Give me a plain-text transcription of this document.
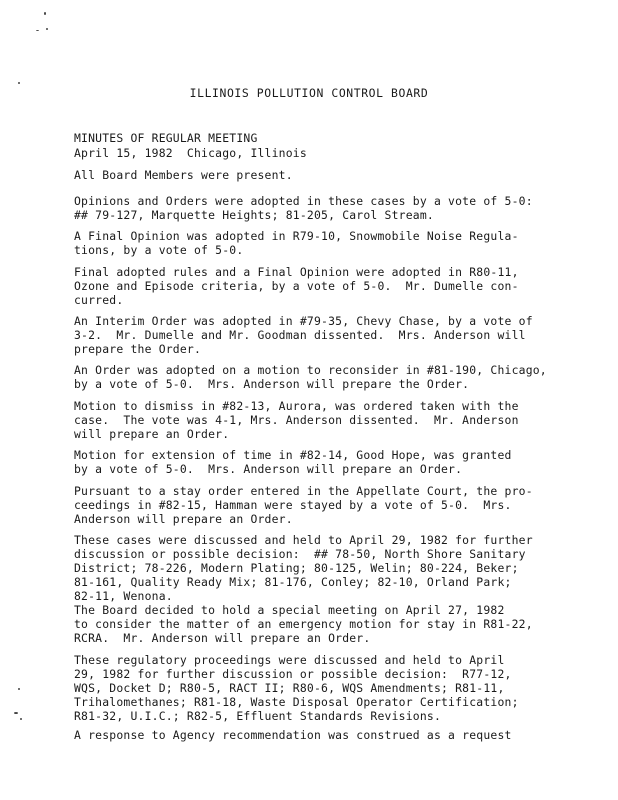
ILLINOIS POLLUTION CONTROL BOARD
MINUTES OF REGULAR MEETING
April 15, 1982  Chicago, Illinois
All Board Members were present.
Opinions and Orders were adopted in these cases by a vote of 5-0:
## 79-127, Marquette Heights; 81-205, Carol Stream.
A Final Opinion was adopted in R79-10, Snowmobile Noise Regula-
tions, by a vote of 5-0.
Final adopted rules and a Final Opinion were adopted in R80-11,
Ozone and Episode criteria, by a vote of 5-0.  Mr. Dumelle con-
curred.
An Interim Order was adopted in #79-35, Chevy Chase, by a vote of
3-2.  Mr. Dumelle and Mr. Goodman dissented.  Mrs. Anderson will
prepare the Order.
An Order was adopted on a motion to reconsider in #81-190, Chicago,
by a vote of 5-0.  Mrs. Anderson will prepare the Order.
Motion to dismiss in #82-13, Aurora, was ordered taken with the
case.  The vote was 4-1, Mrs. Anderson dissented.  Mr. Anderson
will prepare an Order.
Motion for extension of time in #82-14, Good Hope, was granted
by a vote of 5-0.  Mrs. Anderson will prepare an Order.
Pursuant to a stay order entered in the Appellate Court, the pro-
ceedings in #82-15, Hamman were stayed by a vote of 5-0.  Mrs.
Anderson will prepare an Order.
These cases were discussed and held to April 29, 1982 for further
discussion or possible decision:  ## 78-50, North Shore Sanitary
District; 78-226, Modern Plating; 80-125, Welin; 80-224, Beker;
81-161, Quality Ready Mix; 81-176, Conley; 82-10, Orland Park;
82-11, Wenona.
The Board decided to hold a special meeting on April 27, 1982
to consider the matter of an emergency motion for stay in R81-22,
RCRA.  Mr. Anderson will prepare an Order.
These regulatory proceedings were discussed and held to April
29, 1982 for further discussion or possible decision:  R77-12,
WQS, Docket D; R80-5, RACT II; R80-6, WQS Amendments; R81-11,
Trihalomethanes; R81-18, Waste Disposal Operator Certification;
R81-32, U.I.C.; R82-5, Effluent Standards Revisions.
A response to Agency recommendation was construed as a request
